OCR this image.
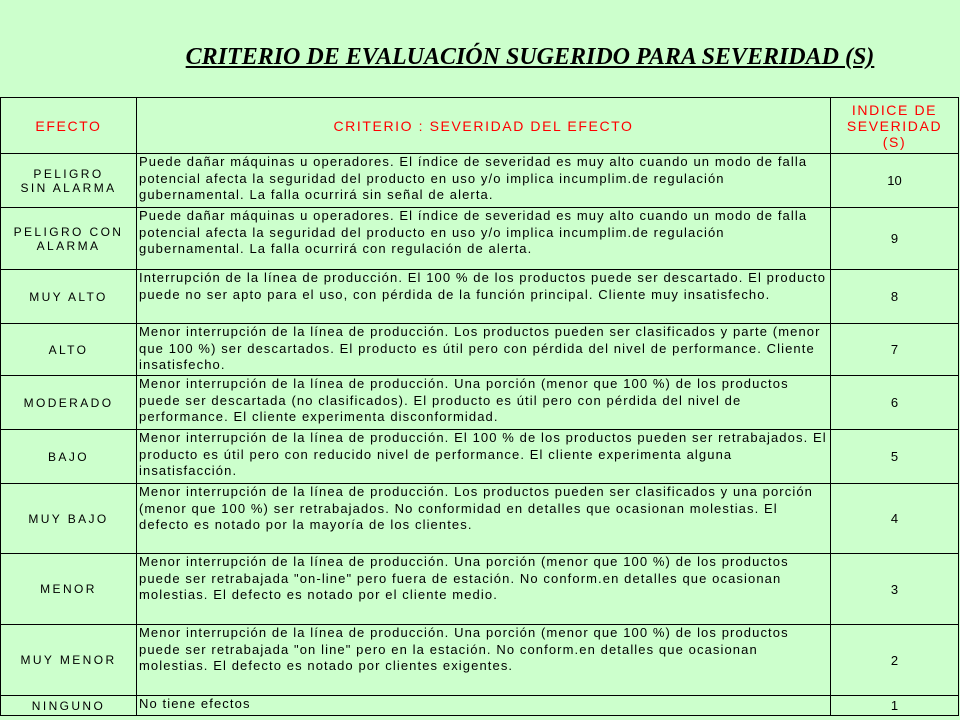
CRITERIO DE EVALUACIÓN SUGERIDO PARA SEVERIDAD (S)
EFECTO	CRITERIO : SEVERIDAD DEL EFECTO	INDICE DE SEVERIDAD (S)
PELIGRO SIN ALARMA	Puede dañar máquinas u operadores. El índice de severidad es muy alto cuando un modo de falla potencial afecta la seguridad del producto en uso y/o implica incumplim.de regulación gubernamental. La falla ocurrirá sin señal de alerta.	10
PELIGRO CON ALARMA	Puede dañar máquinas u operadores. El índice de severidad es muy alto cuando un modo de falla potencial afecta la seguridad del producto en uso y/o implica incumplim.de regulación gubernamental. La falla ocurrirá con regulación de alerta.	9
MUY ALTO	Interrupción de la línea de producción. El 100 % de los productos puede ser descartado. El producto puede no ser apto para el uso, con pérdida de la función principal. Cliente muy insatisfecho.	8
ALTO	Menor interrupción de la línea de producción. Los productos pueden ser clasificados y parte (menor que 100 %) ser descartados. El producto es útil pero con pérdida del nivel de performance. Cliente insatisfecho.	7
MODERADO	Menor interrupción de la línea de producción. Una porción (menor que 100 %) de los productos puede ser descartada (no clasificados). El producto es útil pero con pérdida del nivel de performance. El cliente experimenta disconformidad.	6
BAJO	Menor interrupción de la línea de producción. El 100 % de los productos pueden ser retrabajados. El producto es útil pero con reducido nivel de performance. El cliente experimenta alguna insatisfacción.	5
MUY BAJO	Menor interrupción de la línea de producción. Los productos pueden ser clasificados y una porción (menor que 100 %) ser retrabajados. No conformidad en detalles que ocasionan molestias. El defecto es notado por la mayoría de los clientes.	4
MENOR	Menor interrupción de la línea de producción. Una porción (menor que 100 %) de los productos puede ser retrabajada "on-line" pero fuera de estación. No conform.en detalles que ocasionan molestias. El defecto es notado por el cliente medio.	3
MUY MENOR	Menor interrupción de la línea de producción. Una porción (menor que 100 %) de los productos puede ser retrabajada "on line" pero en la estación. No conform.en detalles que ocasionan molestias. El defecto es notado por clientes exigentes.	2
NINGUNO	No tiene efectos	1
